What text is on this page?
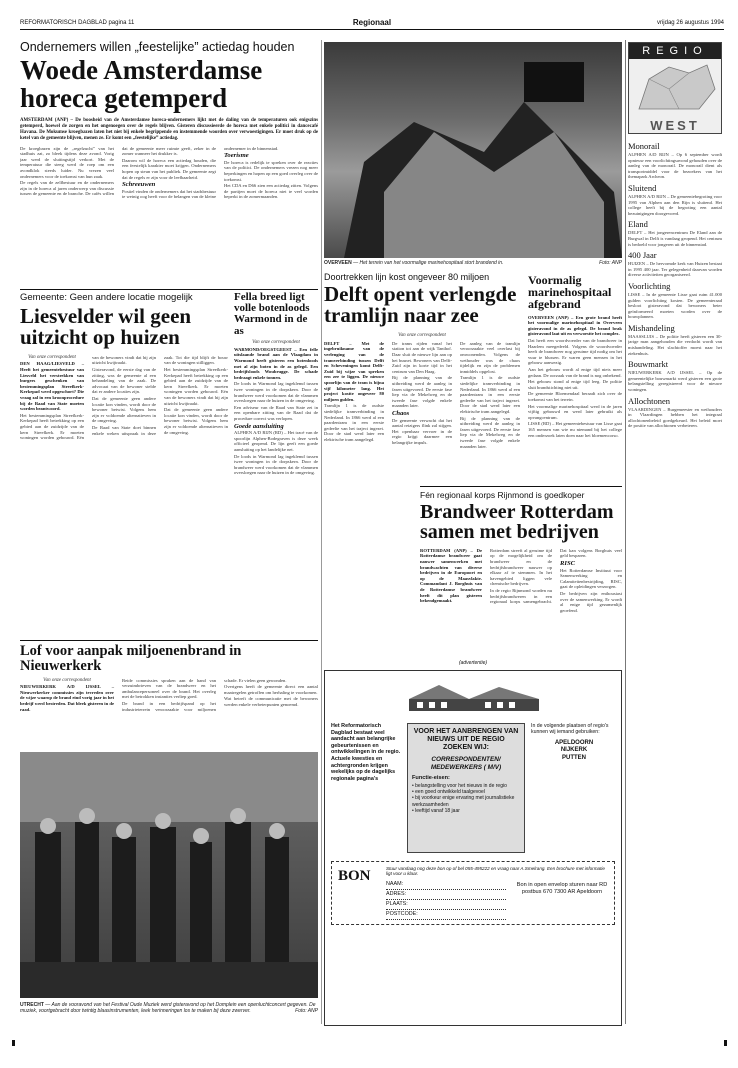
REFORMATORISCH DAGBLAD pagina 11	Regionaal	vrijdag 26 augustus 1994
Ondernemers willen „feestelijke” actiedag houden
Woede Amsterdamse horeca getemperd
AMSTERDAM (ANP) – De boosheid van de Amsterdamse horeca-ondernemers lijkt met de daling van de temperaturen ook enigszins getemperd, hoewel de zorgen en het ongenoegen over de regels blijven. Gisteren discussieerde de horeca met enkele politici in dancecafé Havana. De Mokumse kroegbazen laten het niet bij enkele begrippende en instemmende woorden over verwoestigingen. Er moet druk op de ketel van de gemeente blijven, menen ze. Er komt een „feestelijke” actiedag.

De kroegbazen zijn de „regelzucht” van het stadhuis zat, zo bleek tijdens deze avond. Vorig jaar werd de sluitingstijd verkort. Met de temperatuur die steeg werd de roep om een avondklok steeds luider. Nu vrezen veel ondernemers voor de toekomst van hun zaak.

De regels van de zelfbestuur en de ondernemers zijn in de horeca al jaren onderwerp van discussie tussen de gemeente en de branche. De cafés willen dat de gemeente meer ruimte geeft, zeker in de zomer wanneer het drukker is.

Daarom wil de horeca een actiedag houden, die een feestelijk karakter moet krijgen. Ondernemers hopen op steun van het publiek. De gemeente zegt dat de regels er zijn voor de leefbaarheid.

Schreeuwen

Postiel vinden de ondernemers dat het stadsbestuur te weinig oog heeft voor de belangen van de kleine ondernemer in de binnenstad.

Toerisme

De horeca is redelijk te spreken over de reacties van de politici. De ondernemers vrezen nog meer beperkingen en hopen op een goed overleg over de toekomst.

Het CDA en D66 zien een actiedag zitten. Volgens de partijen moet de horeca niet te veel worden beperkt in de zomermaanden.

OVERVEEN — Het terrein van het voormalige marinehospitaal stort brandend in.	Foto: ANP
Doortrekken lijn kost ongeveer 80 miljoen
Delft opent verlengde tramlijn naar zee
Van onze correspondent

DELFT – Met de ingebruikname van de verlenging van de tramverbinding tussen Delft en Scheveningen komt Delft-Zuid bij wijze van spreken een zee te liggen. De nieuwe spoorlijn van de tram is bijna vijf kilometer lang. Het project kostte ongeveer 80 miljoen gulden.

Tramlijn 1 is de oudste stedelijke tramverbinding in Nederland. In 1866 werd al een paardentram in een eerste gedeelte van het traject ingezet. Door de stad werd later een elektrische tram aangelegd.

De trams rijden vanaf het station tot aan de wijk Tanthof. Daar sluit de nieuwe lijn aan op het busnet. Bewoners van Delft-Zuid zijn in korte tijd in het centrum van Den Haag.

Bij de planning van de uitbreiding werd de aanleg in fasen uitgevoerd. De eerste fase liep via de Mekelweg en de tweede fase volgde enkele maanden later.

Chaos

De gemeente verwacht dat het aantal reizigers flink zal stijgen. Het openbaar vervoer in de regio krijgt daarmee een belangrijke impuls.

De aanleg van de tramlijn veroorzaakte veel overlast bij omwonenden. Volgens de wethouder was de chaos tijdelijk en zijn de problemen inmiddels opgelost.

Tramlijn 1 is de oudste stedelijke tramverbinding in Nederland. In 1866 werd al een paardentram in een eerste gedeelte van het traject ingezet. Door de stad werd later een elektrische tram aangelegd.

Bij de planning van de uitbreiding werd de aanleg in fasen uitgevoerd. De eerste fase liep via de Mekelweg en de tweede fase volgde enkele maanden later.

Voormalig marinehospitaal afgebrand

OVERVEEN (ANP) – Een grote brand heeft het voormalige marinehospitaal in Overveen gisteravond in de as gelegd. De brand brak gisteravond laat uit en verwoestte het complex.

Dat heeft een woordvoerder van de brandweer in Haarlem meegedeeld. Volgens de woordvoerder heeft de brandweer nog geruime tijd nodig om het vuur te blussen. Er waren geen mensen in het gebouw aanwezig.

Aan het gebouw wordt al enige tijd niets meer gedaan. De oorzaak van de brand is nog onbekend.

Het gebouw stond al enige tijd leeg. De politie sluit brandstichting niet uit.

De gemeente Bloemendaal beraadt zich over de toekomst van het terrein.

Het voormalige marinehospitaal werd in de jaren vijftig gebouwd en werd later gebruikt als opvangcentrum.

LISSE (RD) – Het gemeentebestuur van Lisse gaat 165 mensen van wie nu niemand bij het college een onderzoek laten doen naar het bloemencorso.

Gemeente: Geen andere locatie mogelijk
Liesvelder wil geen uitzicht op huizen

Van onze correspondent

DEN HAAG/LIESVELD – Heeft het gemeentebestuur van Liesveld het verstrekken van burgers geschenken van bestemmingsplan Streefkerk-Kerkepad werd opgeschort? Die vraag zal in een kroonprocedure bij de Raad van State moeten worden beantwoord.

Het bestemmingsplan Streefkerk-Kerkepad heeft betrekking op een gebied aan de zuidzijde van de kern Streefkerk. Er moeten woningen worden gebouwd. Eén van de bewoners vindt dat hij zijn uitzicht kwijtraakt.

Gisteravond, de eerste dag van de zitting, was de gemeente al een behandeling van de zaak. De advocaat van de bewoner stelde dat er andere locaties zijn.

Dat de gemeente geen andere locatie kon vinden, wordt door de bewoner betwist. Volgens hem zijn er voldoende alternatieven in de omgeving.

De Raad van State doet binnen enkele weken uitspraak in deze zaak. Tot die tijd blijft de bouw van de woningen stilliggen.

Het bestemmingsplan Streefkerk-Kerkepad heeft betrekking op een gebied aan de zuidzijde van de kern Streefkerk. Er moeten woningen worden gebouwd. Eén van de bewoners vindt dat hij zijn uitzicht kwijtraakt.

Dat de gemeente geen andere locatie kon vinden, wordt door de bewoner betwist. Volgens hem zijn er voldoende alternatieven in de omgeving.

Fella breed ligt volle botenloods Warmond in de as
Van onze correspondent

WARMOND/OEGSTGEEST – Een felle uitslaande brand aan de Vlaagdam in Warmond heeft gisteren een botenloods met al zijn boten in de as gelegd. Een bedrijfsloods Woubrugge. De schade bedraagt enkele tonnen.

De loods in Warmond lag ingeklemd tussen twee woningen in de dorpskern. Door de brandweer werd voorkomen dat de vlammen oversloegen naar de huizen in de omgeving.

Een adviseur van de Raad van State zei in een openbare zitting van de Raad dat de procedure correct was verlopen.

Goede aansluiting

ALPHEN A/D RIJN (RD) – Het tracé van de spoorlijn Alphen-Bodegraven is deze week officieel geopend. De lijn geeft een goede aansluiting op het landelijke net.

De loods in Warmond lag ingeklemd tussen twee woningen in de dorpskern. Door de brandweer werd voorkomen dat de vlammen oversloegen naar de huizen in de omgeving.

Fén regionaal korps Rijnmond is goedkoper
Brandweer Rotterdam samen met bedrijven

ROTTERDAM (ANP) – De Rotterdamse brandweer gaat nauwer samenwerken met brandwachten van diverse bedrijven in de Europoort en op de Maasvlakte. Commandant J. Borghuis van de Rotterdamse brandweer heeft dit plan gisteren bekendgemaakt.

Rotterdam streeft al geruime tijd op de mogelijkheid om de brandweer en de bedrijfsbrandweer nauwer op elkaar af te stemmen. In het havengebied liggen vele chemische bedrijven.

In de regio Rijnmond worden nu bedrijfsbrandweren in een regionaal korps samengebracht. Dat kan volgens Borghuis veel geld besparen.

RISC

Het Rotterdamse Instituut voor Samenwerking en Calamiteitenbestrijding, RISC, gaat de opleidingen verzorgen.

De bedrijven zijn enthousiast over de samenwerking. Er wordt al enige tijd gezamenlijk geoefend.

Lof voor aanpak miljoenenbrand in Nieuwerkerk

Van onze correspondent

NIEUWERKERK A/D IJSSEL – Nieuwerkerker commissies zijn tevreden over de wijze waarop de brand eind vorig jaar in het bedrijf werd bestreden. Dat bleek gisteren in de raad.

Beide commissies spraken aan de hand van verzuimbrieven van de brandweer en het ambulancepersoneel over de brand. Het overleg met de betrokken instanties verliep goed.

De brand in een bedrijfspand op het industrieterrein veroorzaakte voor miljoenen schade. Er vielen geen gewonden.

Overigens heeft de gemeente direct een aantal maatregelen getroffen om herhaling te voorkomen.

Wat betreft de communicatie met de bewoners werden enkele verbeterpunten genoemd.

UTRECHT — Aan de vooravond van het Festival Oude Muziek werd gisteravond op het Domplein een openluchtconcert gegeven. De muziek, voortgebracht door twintig blaasinstrumenten, leek herinneringen los te maken bij deze zwerver.	Foto: ANP
(advertentie)
Het Reformatorisch Dagblad bestaat veel aandacht aan belangrijke gebeurtenissen en ontwikkelingen in de regio. Actuele kwesties en achtergronden krijgen wekelijks op de dagelijks regionale pagina's
VOOR HET AANBRENGEN VAN NIEUWS UIT DE REGIO ZOEKEN WIJ:
CORRESPONDENTEN/ MEDEWERKERS ( M/V)
Functie-eisen:
• belangstelling voor het nieuws in de regio
• een goed ontwikkeld taalgevoel
• bij voorkeur enige ervaring met journalistieke werkzaamheden
• leeftijd vanaf 18 jaar
In de volgende plaatsen of regio's kunnen wij iemand gebruiken:
APELDOORN
NIJKERK
PUTTEN
BON	Stuur vandaag nog deze bon op of bel 055-495222 en vraag naar A.Smelrang. Een brochure met informatie ligt voor u klaar.
NAAM:
ADRES:
PLAATS:
POSTCODE:
Bon in open envelop sturen naar RD postbus 670 7300 AR Apeldoorn
REGIO
WEST
Monorail

ALPHEN A/D RIJN – Op 6 september wordt opnieuw een voorlichtingsavond gehouden over de aanleg van de monorail. De monorail dient als transportmiddel voor de bezoekers van het themapark Archeon.

Sluitend

ALPHEN A/D RIJN – De gemeentebegroting voor 1995 van Alphen aan den Rijn is sluitend. Het college heeft bij de begroting een aantal bezuinigingen doorgevoerd.

Eland

DELFT – Het jongerencentrum De Eland aan de Burgwal in Delft is vandaag geopend. Het centrum is bedoeld voor jongeren uit de binnenstad.

400 Jaar

HUIZEN – De hervormde kerk van Huizen bestaat in 1995 400 jaar. Ter gelegenheid daarvan worden diverse activiteiten georganiseerd.

Voorlichting

LISSE – In de gemeente Lisse gaat ruim 41.000 gulden voorlichting kosten. De gemeenteraad besloot gisteravond dat bewoners beter geïnformeerd moeten worden over de bouwplannen.

Mishandeling

MAASSLUIS – De politie heeft gisteren een 30-jarige man aangehouden die verdacht wordt van mishandeling. Het slachtoffer moest naar het ziekenhuis.

Bouwmarkt

NIEUWERKERK A/D IJSSEL – Op de gemeentelijke bouwmarkt werd gisteren een grote belangstelling geregistreerd voor de nieuwe woningen.

Allochtonen

VLAARDINGEN – Burgemeester en wethouders in Vlaardingen hebben het integraal allochtonenbeleid goedgekeurd. Het beleid moet de positie van allochtonen verbeteren.
